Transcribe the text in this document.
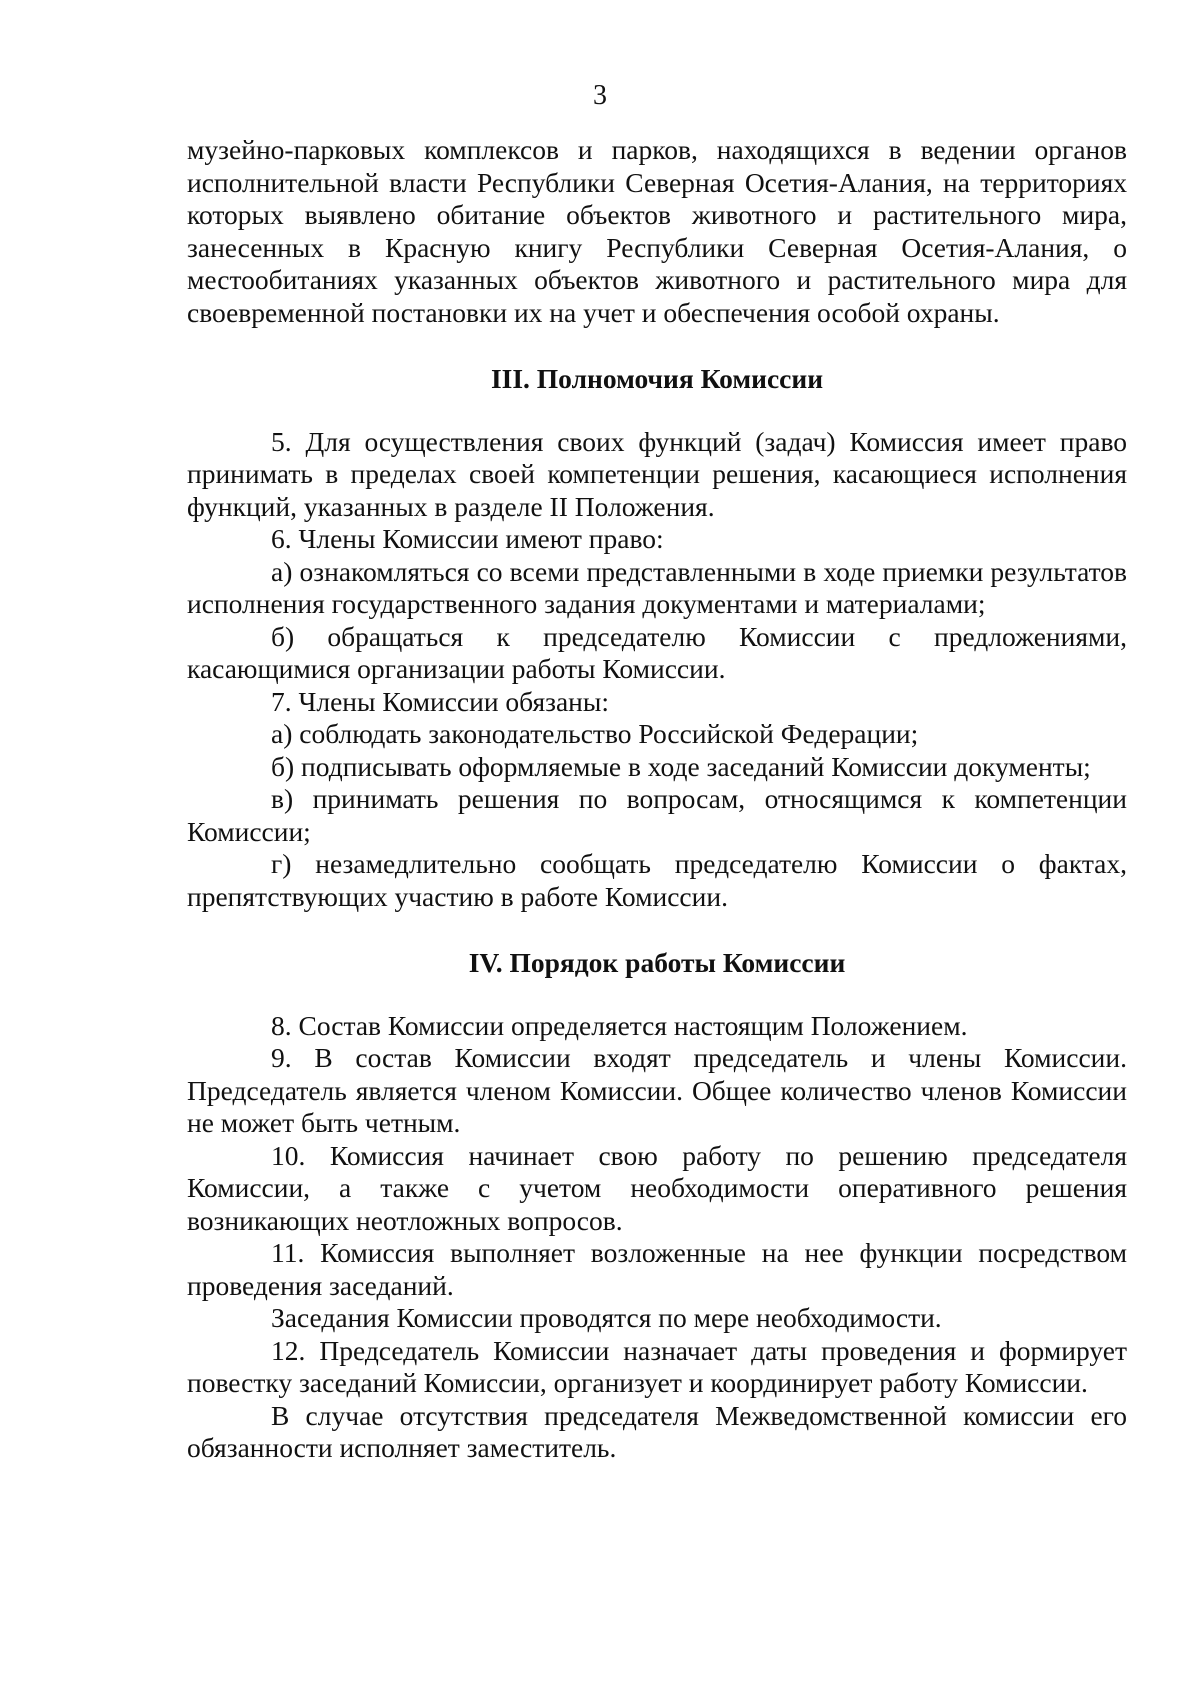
3

музейно-парковых комплексов и парков, находящихся в ведении органов исполнительной власти Республики Северная Осетия-Алания, на территориях которых выявлено обитание объектов животного и растительного мира, занесенных в Красную книгу Республики Северная Осетия-Алания, о местообитаниях указанных объектов животного и растительного мира для своевременной постановки их на учет и обеспечения особой охраны.

III. Полномочия Комиссии

5. Для осуществления своих функций (задач) Комиссия имеет право принимать в пределах своей компетенции решения, касающиеся исполнения функций, указанных в разделе II Положения.

6. Члены Комиссии имеют право:

а) ознакомляться со всеми представленными в ходе приемки результатов исполнения государственного задания документами и материалами;

б) обращаться к председателю Комиссии с предложениями, касающимися организации работы Комиссии.

7. Члены Комиссии обязаны:

а) соблюдать законодательство Российской Федерации;

б) подписывать оформляемые в ходе заседаний Комиссии документы;

в) принимать решения по вопросам, относящимся к компетенции Комиссии;

г) незамедлительно сообщать председателю Комиссии о фактах, препятствующих участию в работе Комиссии.

IV. Порядок работы Комиссии

8. Состав Комиссии определяется настоящим Положением.

9. В состав Комиссии входят председатель и члены Комиссии. Председатель является членом Комиссии. Общее количество членов Комиссии не может быть четным.

10. Комиссия начинает свою работу по решению председателя Комиссии, а также с учетом необходимости оперативного решения возникающих неотложных вопросов.

11. Комиссия выполняет возложенные на нее функции посредством проведения заседаний.

Заседания Комиссии проводятся по мере необходимости.

12. Председатель Комиссии назначает даты проведения и формирует повестку заседаний Комиссии, организует и координирует работу Комиссии.

В случае отсутствия председателя Межведомственной комиссии его обязанности исполняет заместитель.
